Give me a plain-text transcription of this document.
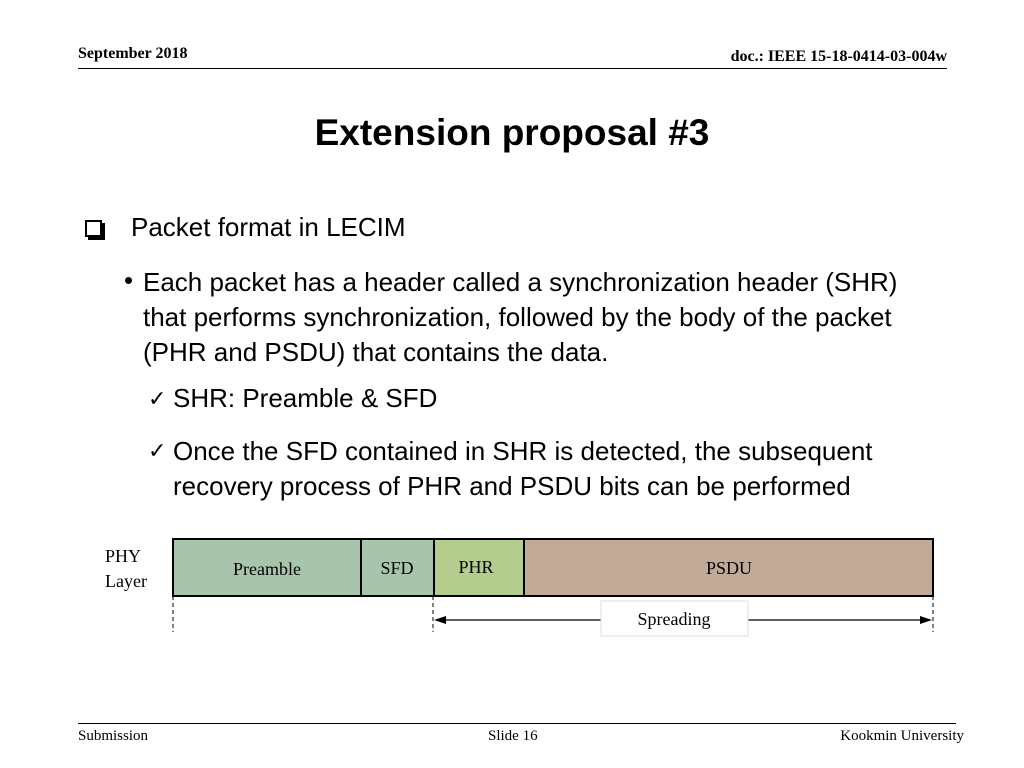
September 2018	doc.: IEEE 15-18-0414-03-004w
Extension proposal #3
Packet format in LECIM
• Each packet has a header called a synchronization header (SHR) that performs synchronization, followed by the body of the packet (PHR and PSDU) that contains the data.
✓ SHR: Preamble & SFD
✓ Once the SFD contained in SHR is detected, the subsequent recovery process of PHR and PSDU bits can be performed
PHY
Layer
Preamble	SFD PHR	PSDU
Spreading
Submission	Slide 16	Kookmin University
